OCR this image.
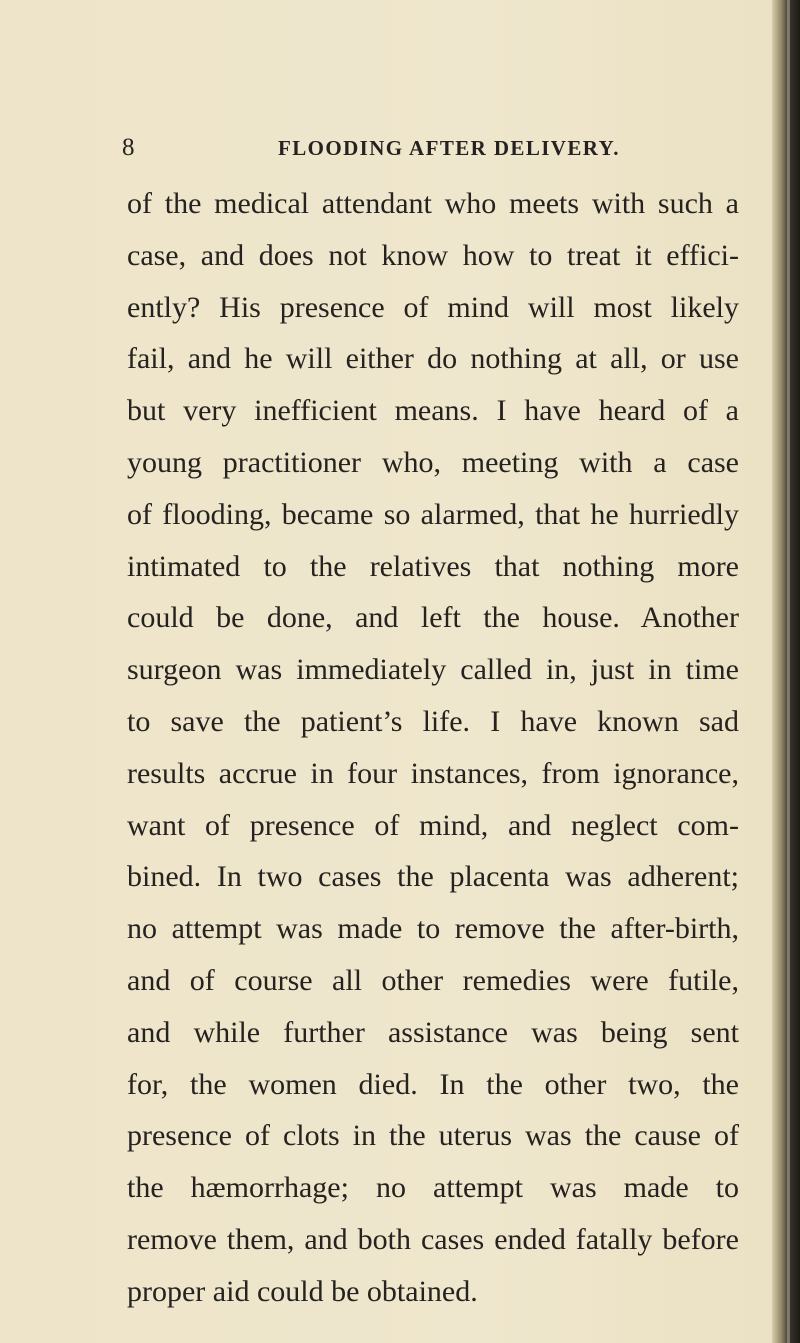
8	FLOODING AFTER DELIVERY.
of the medical attendant who meets with such a
case, and does not know how to treat it effici-
ently? His presence of mind will most likely
fail, and he will either do nothing at all, or use
but very inefficient means. I have heard of a
young practitioner who, meeting with a case
of flooding, became so alarmed, that he hurriedly
intimated to the relatives that nothing more
could be done, and left the house. Another
surgeon was immediately called in, just in time
to save the patient’s life. I have known sad
results accrue in four instances, from ignorance,
want of presence of mind, and neglect com-
bined. In two cases the placenta was adherent;
no attempt was made to remove the after-birth,
and of course all other remedies were futile,
and while further assistance was being sent
for, the women died. In the other two, the
presence of clots in the uterus was the cause of
the hæmorrhage; no attempt was made to
remove them, and both cases ended fatally before
proper aid could be obtained.
